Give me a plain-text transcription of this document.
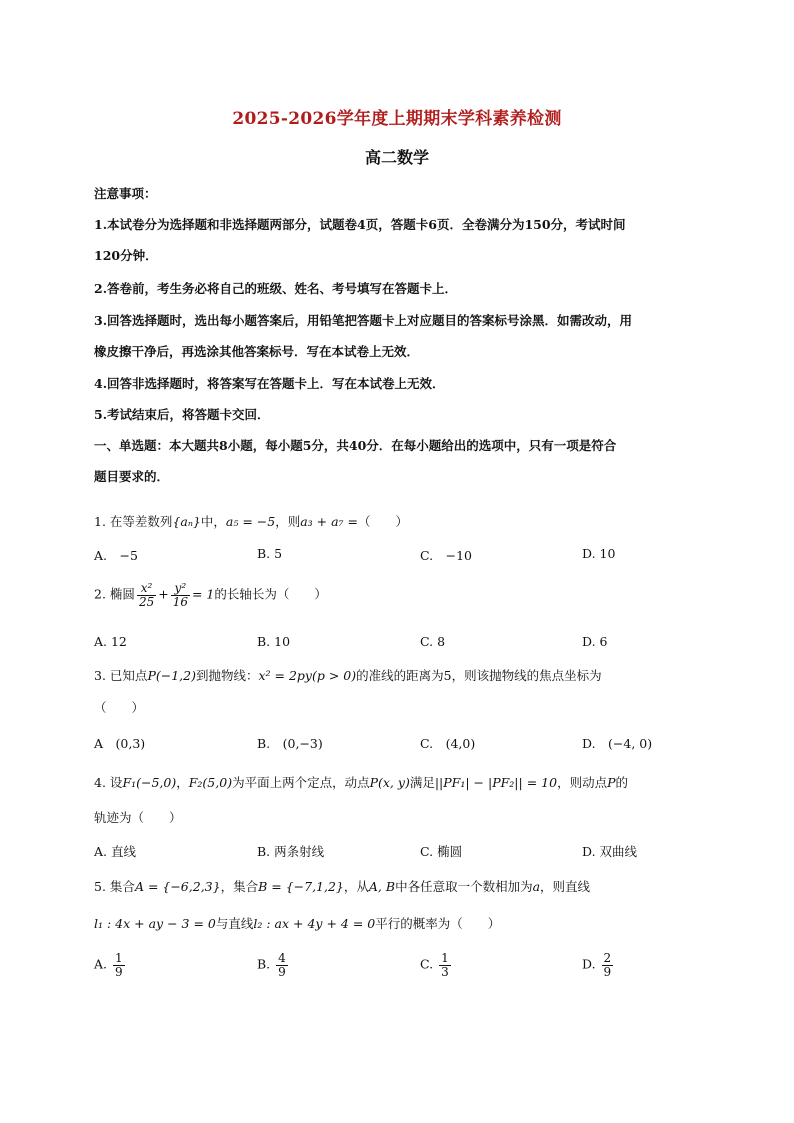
2025-2026学年度上期期末学科素养检测
高二数学
注意事项：
1.本试卷分为选择题和非选择题两部分，试题卷4页，答题卡6页．全卷满分为150分，考试时间
120分钟．
2.答卷前，考生务必将自己的班级、姓名、考号填写在答题卡上．
3.回答选择题时，选出每小题答案后，用铅笔把答题卡上对应题目的答案标号涂黑．如需改动，用
橡皮擦干净后，再选涂其他答案标号．写在本试卷上无效．
4.回答非选择题时，将答案写在答题卡上．写在本试卷上无效．
5.考试结束后，将答题卡交回．
一、单选题：本大题共8小题，每小题5分，共40分．在每小题给出的选项中，只有一项是符合
题目要求的．
1. 在等差数列{aₙ}中，a₅ = −5，则a₃ + a₇ =（　　）
A.　−5	B. 5	C.　−10	D. 10
2. 椭圆 $\frac{\text{x²}}{25} + \frac{\text{y²}}{16} = 1$的长轴长为（　　）
A. 12	B. 10	C. 8	D. 6
3. 已知点P(−1,2)到抛物线：x² = 2py(p > 0)的准线的距离为5，则该抛物线的焦点坐标为
（　　）
A　(0,3)	B.　(0,−3)	C.　(4,0)	D.　(−4, 0)
4. 设F₁(−5,0)，F₂(5,0)为平面上两个定点，动点P(x, y)满足||PF₁| − |PF₂|| = 10，则动点P的
轨迹为（　　）
A. 直线	B. 两条射线	C. 椭圆	D. 双曲线
5. 集合A = {−6,2,3}，集合B = {−7,1,2}，从A, B中各任意取一个数相加为a，则直线
l₁ : 4x + ay − 3 = 0与直线l₂ : ax + 4y + 4 = 0平行的概率为（　　）
A. $\frac{1}{9}$	B. $\frac{4}{9}$	C. $\frac{1}{3}$	D. $\frac{2}{9}$
